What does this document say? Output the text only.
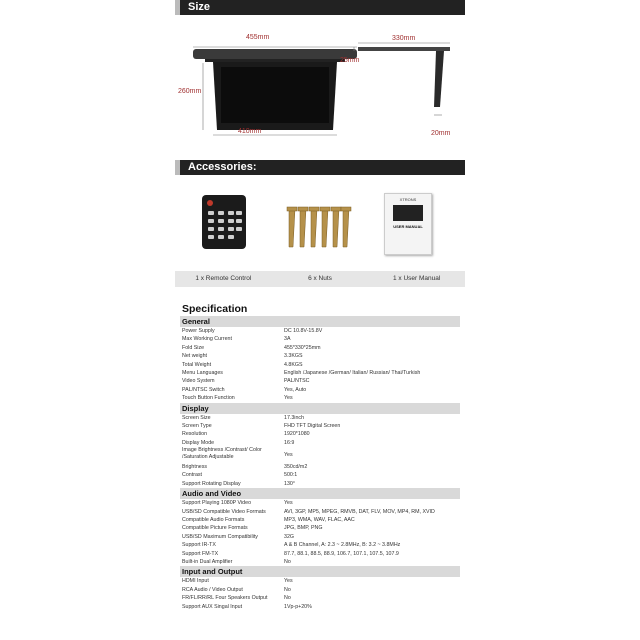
Size
455mm
260mm
410mm
330mm
25mm
20mm
Accessories:
XTRONS
USER MANUAL
1 x Remote Control	6 x Nuts	1 x User Manual
Specification
General
Power Supply	DC 10.8V-15.8V
Max Working Current	3A
Fold Size	455*330*25mm
Net weight	3.3KGS
Total Weight	4.8KGS
Menu Languages	English /Japanese /German/ Italian/ Russian/ Thai/Turkish
Video System	PAL/NTSC
PAL/NTSC Switch	Yes, Auto
Touch Button Function	Yes
Display
Screen Size	17.3inch
Screen Type	FHD TFT Digital Screen
Resolution	1920*1080
Display Mode	16:9
Image Brightness /Contrast/ Color /Saturation Adjustable	Yes
Brightness	350cd/m2
Contrast	500:1
Support Rotating Display	130°
Audio and Video
Support Playing 1080P Video	Yes
USB/SD Compatible Video Formats	AVI, 3GP, MP5, MPEG, RMVB, DAT, FLV, MOV, MP4, RM, XVID
Compatible Audio Formats	MP3, WMA, WAV, FLAC, AAC
Compatible Picture Formats	JPG, BMP, PNG
USB/SD Maximum Compatibility	32G
Support IR-TX	A & B Channel, A: 2.3 ~ 2.8MHz, B: 3.2 ~ 3.8MHz
Support FM-TX	87.7, 88.1, 88.5, 88.9, 106.7, 107.1, 107.5, 107.9
Built-in Dual Amplifier	No
Input and Output
HDMI Input	Yes
RCA Audio / Video Output	No
FR/FL/RR/RL Four Speakers Output	No
Support AUX Singal Input	1Vp-p+20%
